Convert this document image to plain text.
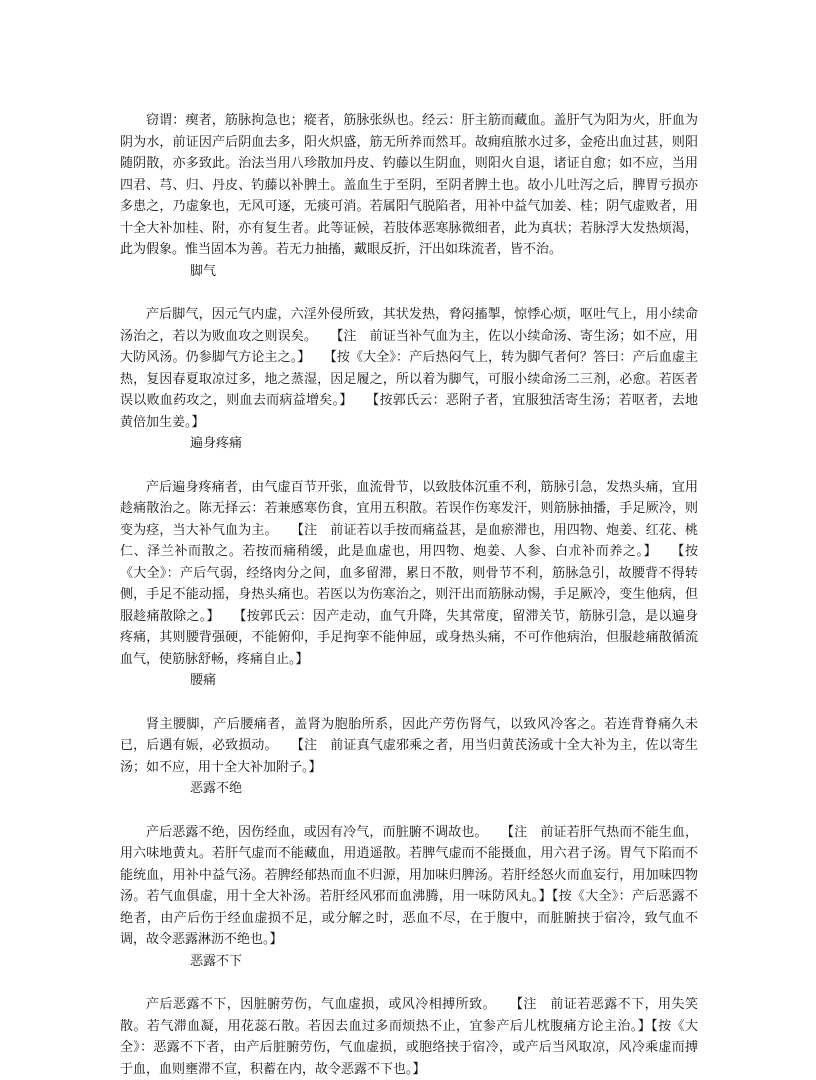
窃谓：瘈者，筋脉拘急也；瘲者，筋脉张纵也。经云：肝主筋而藏血。盖肝气为阳为火，肝血为阴为水，前证因产后阴血去多，阳火炽盛，筋无所养而然耳。故痈疽脓水过多，金疮出血过甚，则阳随阴散，亦多致此。治法当用八珍散加丹皮、钓藤以生阴血，则阳火自退，诸证自愈；如不应，当用四君、芎、归、丹皮、钓藤以补脾土。盖血生于至阴，至阴者脾土也。故小儿吐泻之后，脾胃亏损亦多患之，乃虚象也，无风可逐，无痰可消。若属阳气脱陷者，用补中益气加姜、桂；阴气虚败者，用十全大补加桂、附，亦有复生者。此等证候，若肢体恶寒脉微细者，此为真状；若脉浮大发热烦渴，此为假象。惟当固本为善。若无力抽搐，戴眼反折，汗出如珠流者，皆不治。

脚气

产后脚气，因元气内虚，六淫外侵所致，其状发热，脅闷搐掣，惊悸心烦，呕吐气上，用小续命汤治之，若以为败血攻之则误矣。　　【注　前证当补气血为主，佐以小续命汤、寄生汤；如不应，用大防风汤。仍参脚气方论主之。】　　【按《大全》：产后热闷气上，转为脚气者何？答曰：产后血虚主热，复因春夏取凉过多，地之蒸湿，因足履之，所以着为脚气，可服小续命汤二三剂，必愈。若医者误以败血药攻之，则血去而病益增矣。】　　【按郭氏云：恶附子者，宜服独活寄生汤；若呕者，去地黄倍加生姜。】

遍身疼痛

产后遍身疼痛者，由气虚百节开张，血流骨节，以致肢体沉重不利，筋脉引急，发热头痛，宜用趁痛散治之。陈无择云：若兼感寒伤食，宜用五积散。若误作伤寒发汗，则筋脉抽播，手足厥冷，则变为痉，当大补气血为主。　　【注　前证若以手按而痛益甚，是血瘀滞也，用四物、炮姜、红花、桃仁、泽兰补而散之。若按而痛稍缓，此是血虚也，用四物、炮姜、人参、白朮补而养之。】　　【按《大全》：产后气弱，经络肉分之间，血多留滞，累日不散，则骨节不利，筋脉急引，故腰背不得转侧，手足不能动摇，身热头痛也。若医以为伤寒治之，则汗出而筋脉动惕，手足厥冷，变生他病，但服趁痛散除之。】　　【按郭氏云：因产走动，血气升降，失其常度，留滞关节，筋脉引急，是以遍身疼痛，其则腰背强硬，不能俯仰，手足拘挛不能伸屈，或身热头痛，不可作他病治，但服趁痛散循流血气，使筋脉舒畅，疼痛自止。】

腰痛

肾主腰脚，产后腰痛者，盖肾为胞胎所系，因此产劳伤肾气，以致风冷客之。若连背脊痛久未已，后遇有娠，必致损动。　　【注　前证真气虚邪乘之者，用当归黄芪汤或十全大补为主，佐以寄生汤；如不应，用十全大补加附子。】

恶露不绝

产后恶露不绝，因伤经血，或因有冷气，而脏腑不调故也。　　【注　前证若肝气热而不能生血，用六味地黄丸。若肝气虚而不能藏血，用逍遥散。若脾气虚而不能摄血，用六君子汤。胃气下陷而不能统血，用补中益气汤。若脾经郁热而血不归源，用加味归脾汤。若肝经怒火而血妄行，用加味四物汤。若气血俱虚，用十全大补汤。若肝经风邪而血沸腾，用一味防风丸。】【按《大全》：产后恶露不绝者，由产后伤于经血虚损不足，或分解之时，恶血不尽，在于腹中，而脏腑挟于宿冷，致气血不调，故令恶露淋沥不绝也。】

恶露不下

产后恶露不下，因脏腑劳伤，气血虚损，或风冷相搏所致。　　【注　前证若恶露不下，用失笑散。若气滞血凝，用花蕊石散。若因去血过多而烦热不止，宜参产后儿枕腹痛方论主治。】【按《大全》：恶露不下者，由产后脏腑劳伤，气血虚损，或胞络挟于宿冷，或产后当风取凉，风冷乘虚而搏于血，血则壅滞不宣，积蓄在内，故令恶露不下也。】
